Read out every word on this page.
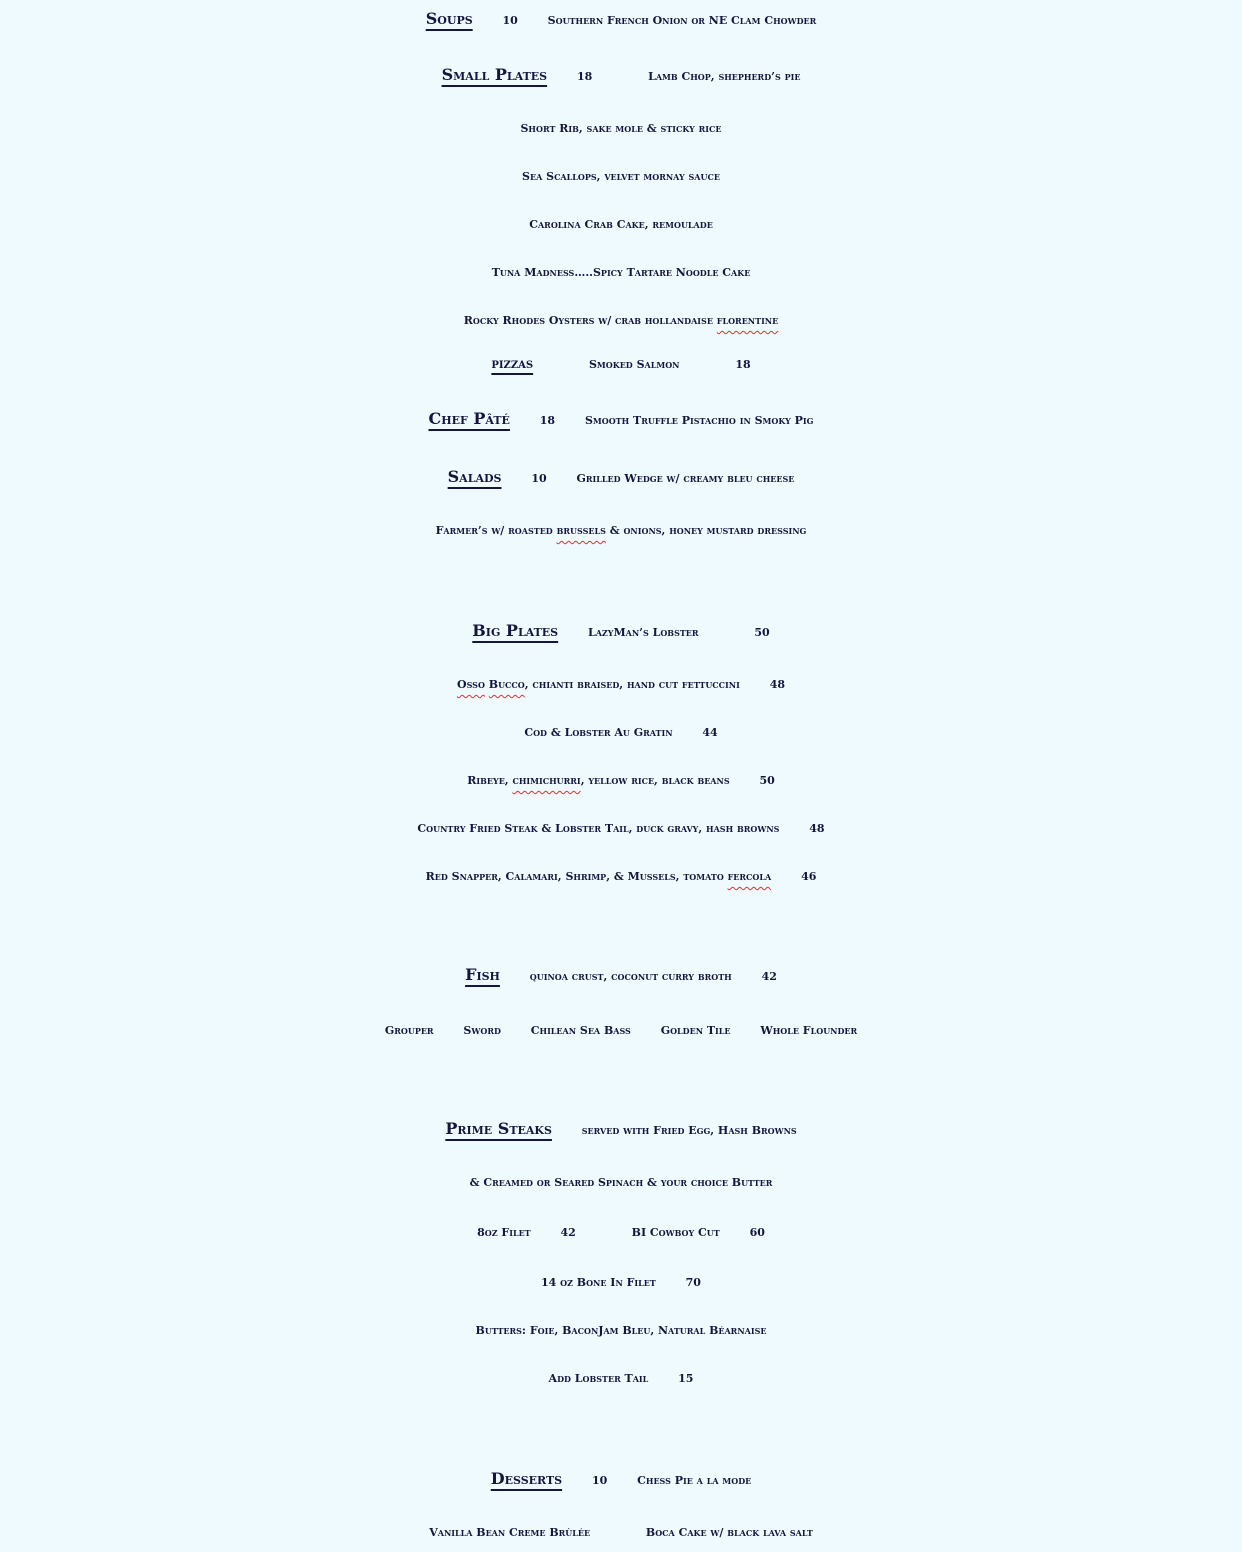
Soups	10	Southern French Onion or NE Clam Chowder
Small Plates	18	Lamb Chop, shepherd’s pie
Short Rib, sake mole & sticky rice
Sea Scallops, velvet mornay sauce
Carolina Crab Cake, remoulade
Tuna Madness…..Spicy Tartare Noodle Cake
Rocky Rhodes Oysters w/ crab hollandaise florentine
PIZZAS	Smoked Salmon	18
Chef Pâté	18	Smooth Truffle Pistachio in Smoky Pig
Salads	10	Grilled Wedge w/ creamy bleu cheese
Farmer’s w/ roasted brussels & onions, honey mustard dressing
Big Plates	LazyMan’s Lobster	50
Osso Bucco, chianti braised, hand cut fettuccini	48
Cod & Lobster Au Gratin	44
Ribeye, chimichurri, yellow rice, black beans	50
Country Fried Steak & Lobster Tail, duck gravy, hash browns	48
Red Snapper, Calamari, Shrimp, & Mussels, tomato fercola	46
Fish	quinoa crust, coconut curry broth	42
Grouper	Sword	Chilean Sea Bass	Golden Tile	Whole Flounder
Prime Steaks	served with Fried Egg, Hash Browns
& Creamed or Seared Spinach & your choice Butter
8oz Filet	42	BI Cowboy Cut	60
14 oz Bone In Filet	70
Butters: Foie, BaconJam Bleu, Natural Béarnaise
Add Lobster Tail	15
Desserts	10	Chess Pie a la mode
Vanilla Bean Creme Brùlée	Boca Cake w/ black lava salt
